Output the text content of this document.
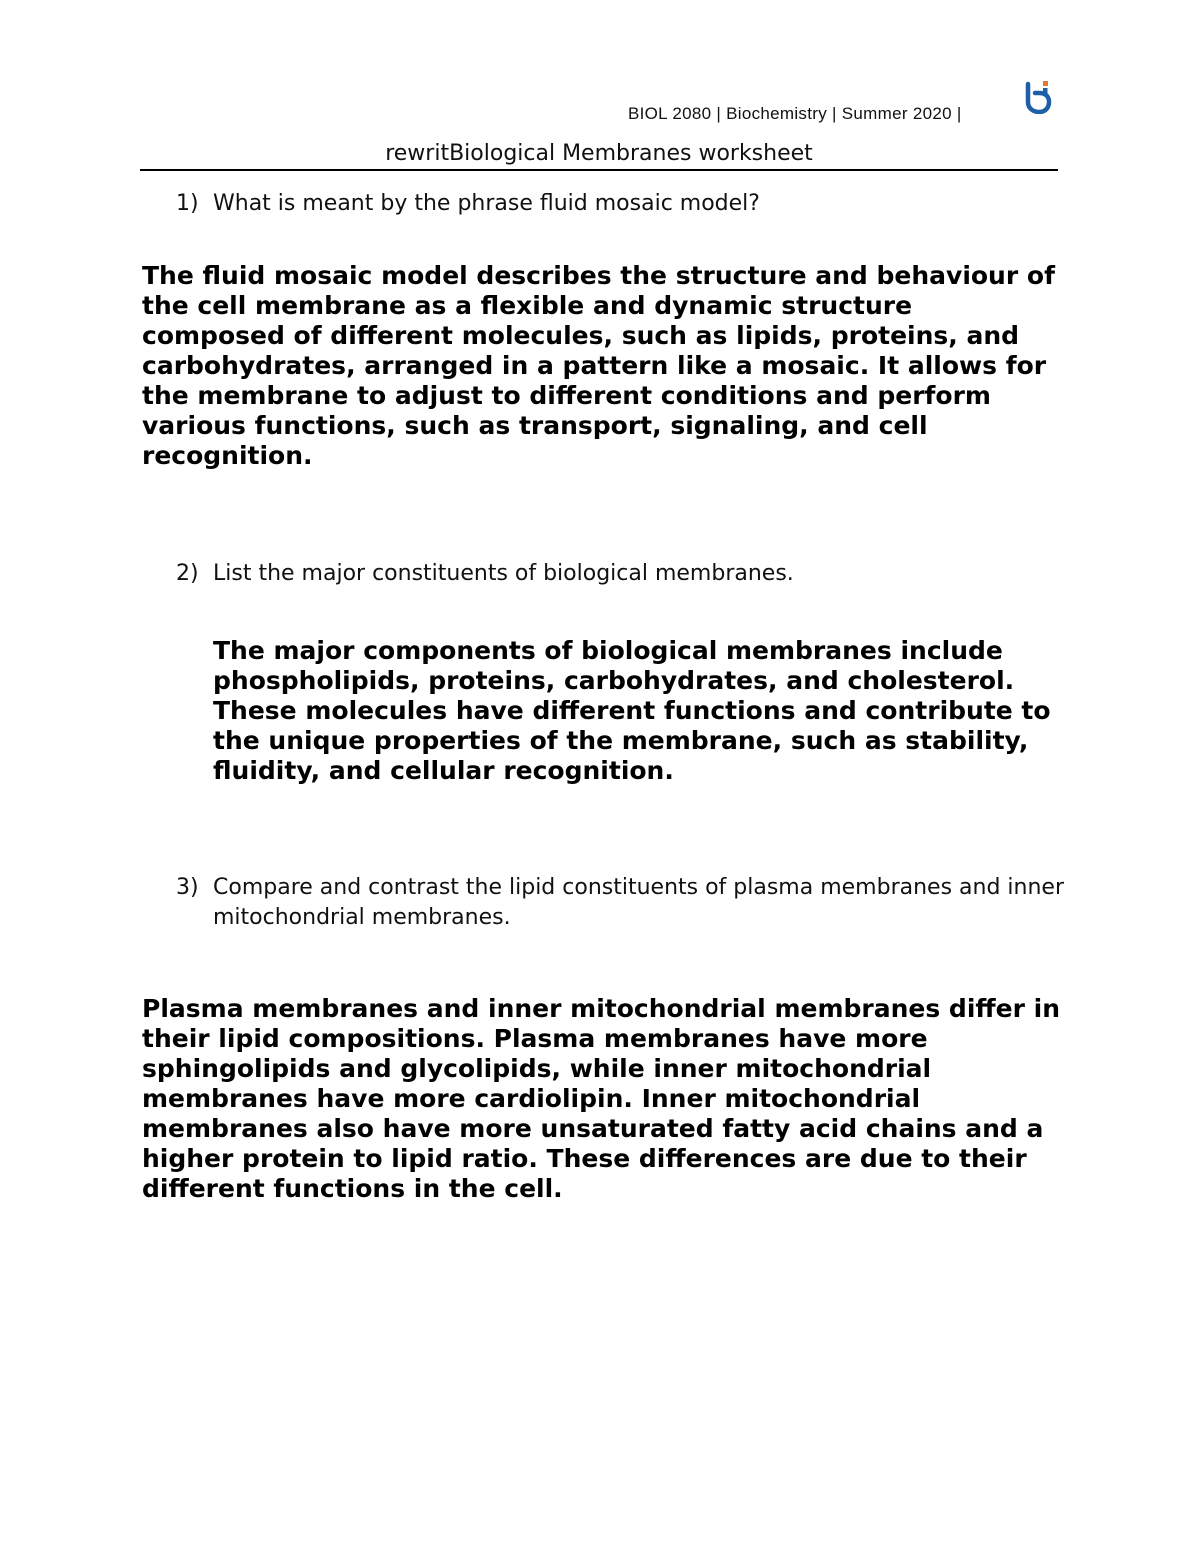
BIOL 2080 | Biochemistry | Summer 2020 |
rewritBiological Membranes worksheet
1) What is meant by the phrase fluid mosaic model?
The fluid mosaic model describes the structure and behaviour of the cell membrane as a flexible and dynamic structure composed of different molecules, such as lipids, proteins, and carbohydrates, arranged in a pattern like a mosaic. It allows for the membrane to adjust to different conditions and perform various functions, such as transport, signaling, and cell recognition.
2) List the major constituents of biological membranes.
The major components of biological membranes include phospholipids, proteins, carbohydrates, and cholesterol. These molecules have different functions and contribute to the unique properties of the membrane, such as stability, fluidity, and cellular recognition.
3) Compare and contrast the lipid constituents of plasma membranes and inner mitochondrial membranes.
Plasma membranes and inner mitochondrial membranes differ in their lipid compositions. Plasma membranes have more sphingolipids and glycolipids, while inner mitochondrial membranes have more cardiolipin. Inner mitochondrial membranes also have more unsaturated fatty acid chains and a higher protein to lipid ratio. These differences are due to their different functions in the cell.
